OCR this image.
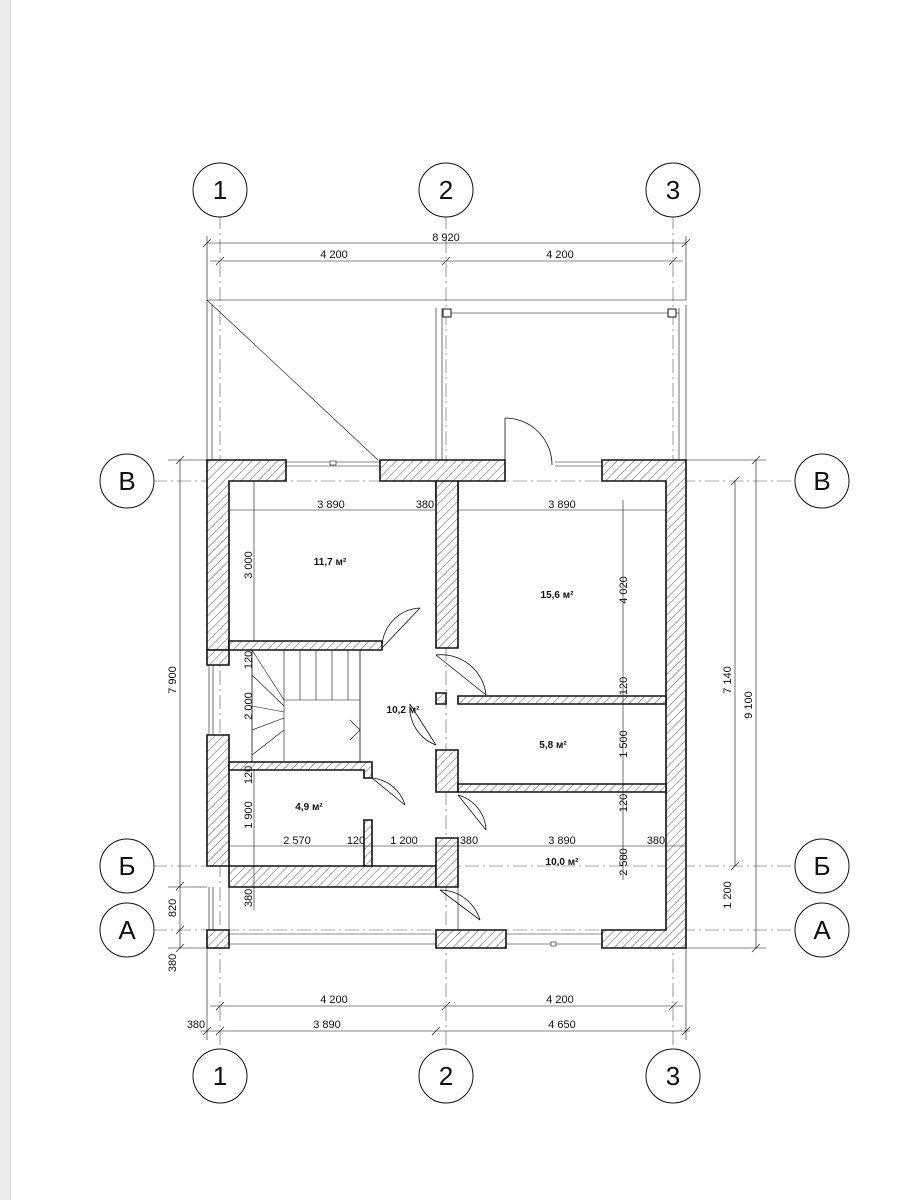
1	2	3
1	2	3
В	В
Б	Б
А	А
8 920
4 200	4 200
3 890	380	3 890
3 000
120
2 000
120
1 900
380
2 570	120 1 200	380	3 890	380
4 020
120
1 500
120
2 580
7 900
820
380
7 140
9 100
1 200
4 200	4 200
380	3 890	4 650
11,7 м²
15,6 м²
10,2 м²
5,8 м²
4,9 м²
10,0 м²
